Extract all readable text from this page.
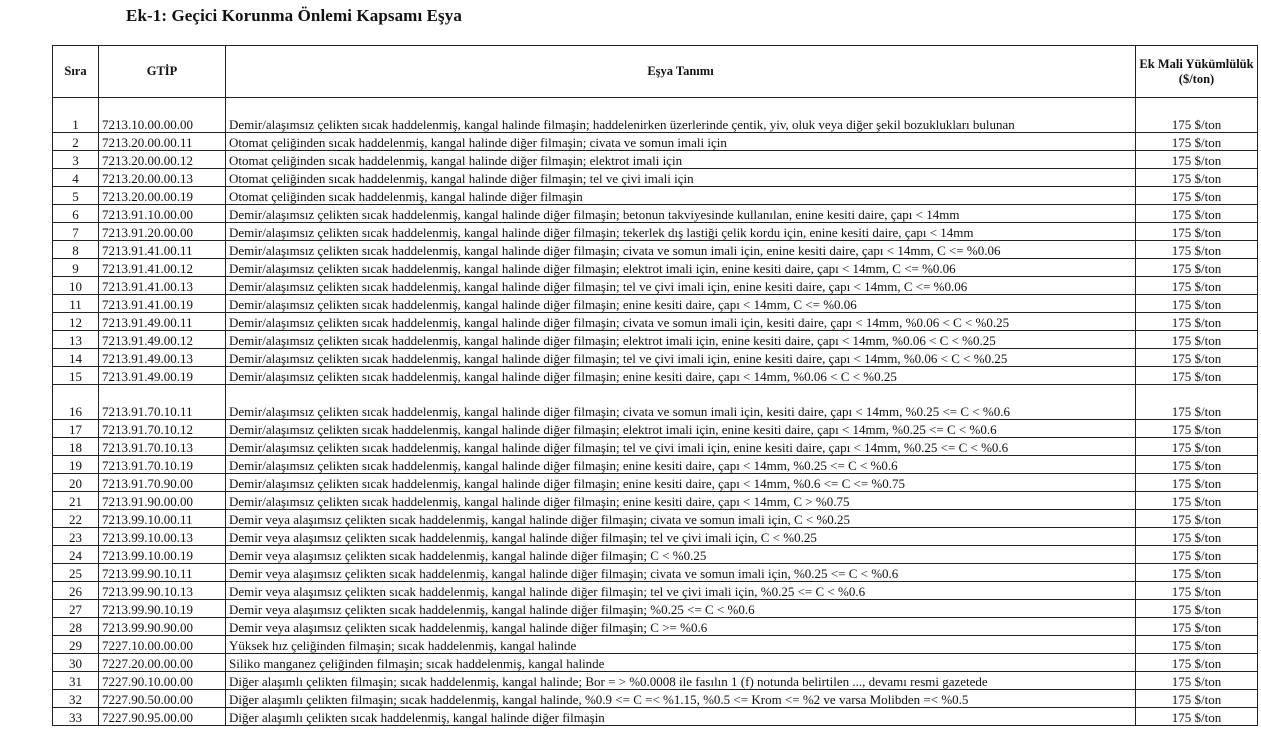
Ek-1: Geçici Korunma Önlemi Kapsamı Eşya
Sıra	GTİP	Eşya Tanımı	Ek Mali Yükümlülük ($/ton)
1	7213.10.00.00.00	Demir/alaşımsız çelikten sıcak haddelenmiş, kangal halinde filmaşin; haddelenirken üzerlerinde çentik, yiv, oluk veya diğer şekil bozuklukları bulunan	175 $/ton
2	7213.20.00.00.11	Otomat çeliğinden sıcak haddelenmiş, kangal halinde diğer filmaşin; civata ve somun imali için	175 $/ton
3	7213.20.00.00.12	Otomat çeliğinden sıcak haddelenmiş, kangal halinde diğer filmaşin; elektrot imali için	175 $/ton
4	7213.20.00.00.13	Otomat çeliğinden sıcak haddelenmiş, kangal halinde diğer filmaşin; tel ve çivi imali için	175 $/ton
5	7213.20.00.00.19	Otomat çeliğinden sıcak haddelenmiş, kangal halinde diğer filmaşin	175 $/ton
6	7213.91.10.00.00	Demir/alaşımsız çelikten sıcak haddelenmiş, kangal halinde diğer filmaşin; betonun takviyesinde kullanılan, enine kesiti daire, çapı < 14mm	175 $/ton
7	7213.91.20.00.00	Demir/alaşımsız çelikten sıcak haddelenmiş, kangal halinde diğer filmaşin; tekerlek dış lastiği çelik kordu için, enine kesiti daire, çapı < 14mm	175 $/ton
8	7213.91.41.00.11	Demir/alaşımsız çelikten sıcak haddelenmiş, kangal halinde diğer filmaşin; civata ve somun imali için, enine kesiti daire, çapı < 14mm, C <= %0.06	175 $/ton
9	7213.91.41.00.12	Demir/alaşımsız çelikten sıcak haddelenmiş, kangal halinde diğer filmaşin; elektrot imali için, enine kesiti daire, çapı < 14mm, C <= %0.06	175 $/ton
10	7213.91.41.00.13	Demir/alaşımsız çelikten sıcak haddelenmiş, kangal halinde diğer filmaşin; tel ve çivi imali için, enine kesiti daire, çapı < 14mm, C <= %0.06	175 $/ton
11	7213.91.41.00.19	Demir/alaşımsız çelikten sıcak haddelenmiş, kangal halinde diğer filmaşin; enine kesiti daire, çapı < 14mm, C <= %0.06	175 $/ton
12	7213.91.49.00.11	Demir/alaşımsız çelikten sıcak haddelenmiş, kangal halinde diğer filmaşin; civata ve somun imali için, kesiti daire, çapı < 14mm, %0.06 < C < %0.25	175 $/ton
13	7213.91.49.00.12	Demir/alaşımsız çelikten sıcak haddelenmiş, kangal halinde diğer filmaşin; elektrot imali için, enine kesiti daire, çapı < 14mm, %0.06 < C < %0.25	175 $/ton
14	7213.91.49.00.13	Demir/alaşımsız çelikten sıcak haddelenmiş, kangal halinde diğer filmaşin; tel ve çivi imali için, enine kesiti daire, çapı < 14mm, %0.06 < C < %0.25	175 $/ton
15	7213.91.49.00.19	Demir/alaşımsız çelikten sıcak haddelenmiş, kangal halinde diğer filmaşin; enine kesiti daire, çapı < 14mm, %0.06 < C < %0.25	175 $/ton
16	7213.91.70.10.11	Demir/alaşımsız çelikten sıcak haddelenmiş, kangal halinde diğer filmaşin; civata ve somun imali için, kesiti daire, çapı < 14mm, %0.25 <= C < %0.6	175 $/ton
17	7213.91.70.10.12	Demir/alaşımsız çelikten sıcak haddelenmiş, kangal halinde diğer filmaşin; elektrot imali için, enine kesiti daire, çapı < 14mm, %0.25 <= C < %0.6	175 $/ton
18	7213.91.70.10.13	Demir/alaşımsız çelikten sıcak haddelenmiş, kangal halinde diğer filmaşin; tel ve çivi imali için, enine kesiti daire, çapı < 14mm, %0.25 <= C < %0.6	175 $/ton
19	7213.91.70.10.19	Demir/alaşımsız çelikten sıcak haddelenmiş, kangal halinde diğer filmaşin; enine kesiti daire, çapı < 14mm, %0.25 <= C < %0.6	175 $/ton
20	7213.91.70.90.00	Demir/alaşımsız çelikten sıcak haddelenmiş, kangal halinde diğer filmaşin; enine kesiti daire, çapı < 14mm, %0.6 <= C <= %0.75	175 $/ton
21	7213.91.90.00.00	Demir/alaşımsız çelikten sıcak haddelenmiş, kangal halinde diğer filmaşin; enine kesiti daire, çapı < 14mm, C > %0.75	175 $/ton
22	7213.99.10.00.11	Demir veya alaşımsız çelikten sıcak haddelenmiş, kangal halinde diğer filmaşin; civata ve somun imali için, C < %0.25	175 $/ton
23	7213.99.10.00.13	Demir veya alaşımsız çelikten sıcak haddelenmiş, kangal halinde diğer filmaşin; tel ve çivi imali için, C < %0.25	175 $/ton
24	7213.99.10.00.19	Demir veya alaşımsız çelikten sıcak haddelenmiş, kangal halinde diğer filmaşin; C < %0.25	175 $/ton
25	7213.99.90.10.11	Demir veya alaşımsız çelikten sıcak haddelenmiş, kangal halinde diğer filmaşin; civata ve somun imali için, %0.25 <= C < %0.6	175 $/ton
26	7213.99.90.10.13	Demir veya alaşımsız çelikten sıcak haddelenmiş, kangal halinde diğer filmaşin; tel ve çivi imali için, %0.25 <= C < %0.6	175 $/ton
27	7213.99.90.10.19	Demir veya alaşımsız çelikten sıcak haddelenmiş, kangal halinde diğer filmaşin; %0.25 <= C < %0.6	175 $/ton
28	7213.99.90.90.00	Demir veya alaşımsız çelikten sıcak haddelenmiş, kangal halinde diğer filmaşin; C >= %0.6	175 $/ton
29	7227.10.00.00.00	Yüksek hız çeliğinden filmaşin; sıcak haddelenmiş, kangal halinde	175 $/ton
30	7227.20.00.00.00	Siliko manganez çeliğinden filmaşin; sıcak haddelenmiş, kangal halinde	175 $/ton
31	7227.90.10.00.00	Diğer alaşımlı çelikten filmaşin; sıcak haddelenmiş, kangal halinde; Bor = > %0.0008 ile fasılın 1 (f) notunda belirtilen ..., devamı resmi gazetede	175 $/ton
32	7227.90.50.00.00	Diğer alaşımlı çelikten filmaşin; sıcak haddelenmiş, kangal halinde, %0.9 <= C =< %1.15, %0.5 <= Krom <= %2 ve varsa Molibden =< %0.5	175 $/ton
33	7227.90.95.00.00	Diğer alaşımlı çelikten sıcak haddelenmiş, kangal halinde diğer filmaşin	175 $/ton
